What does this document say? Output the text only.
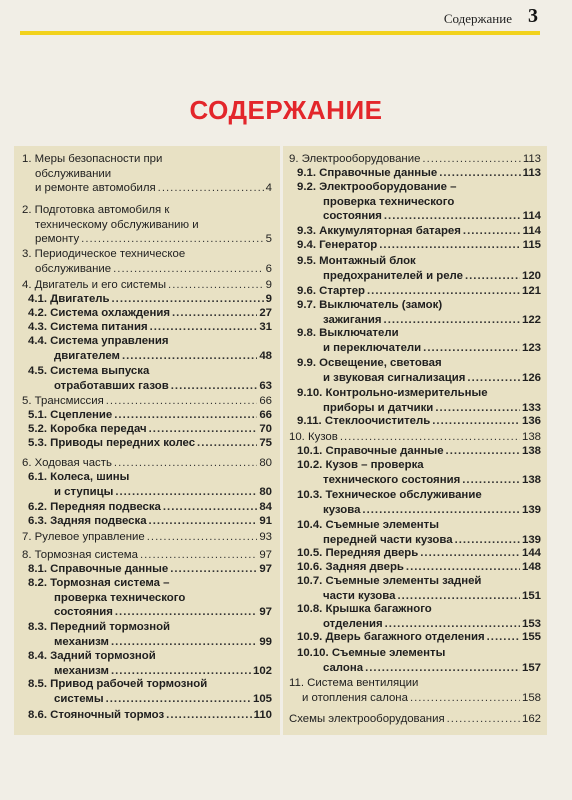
Содержание 3
СОДЕРЖАНИЕ
1. Меры безопасности при
обслуживании
и ремонте автомобиля .....	4
2. Подготовка автомобиля к
техническому обслуживанию и
ремонту .....	5
3. Периодическое техническое
обслуживание .....	6
4. Двигатель и его системы .....	9
4.1. Двигатель .....	9
4.2. Система охлаждения .....	27
4.3. Система питания .....	31
4.4. Система управления
двигателем .....	48
4.5. Система выпуска
отработавших газов .....	63
5. Трансмиссия .....	66
5.1. Сцепление .....	66
5.2. Коробка передач .....	70
5.3. Приводы передних колес .....	75
6. Ходовая часть .....	80
6.1. Колеса, шины
и ступицы .....	80
6.2. Передняя подвеска .....	84
6.3. Задняя подвеска .....	91
7. Рулевое управление .....	93
8. Тормозная система .....	97
8.1. Справочные данные .....	97
8.2. Тормозная система –
проверка технического
состояния .....	97
8.3. Передний тормозной
механизм .....	99
8.4. Задний тормозной
механизм .....	102
8.5. Привод рабочей тормозной
системы .....	105
8.6. Стояночный тормоз .....	110
9. Электрооборудование .....	113
9.1. Справочные данные .....	113
9.2. Электрооборудование –
проверка технического
состояния .....	114
9.3. Аккумуляторная батарея .....	114
9.4. Генератор .....	115
9.5. Монтажный блок
предохранителей и реле .....	120
9.6. Стартер .....	121
9.7. Выключатель (замок)
зажигания .....	122
9.8. Выключатели
и переключатели .....	123
9.9. Освещение, световая
и звуковая сигнализация .....	126
9.10. Контрольно-измерительные
приборы и датчики .....	133
9.11. Стеклоочиститель .....	136
10. Кузов .....	138
10.1. Справочные данные .....	138
10.2. Кузов – проверка
технического состояния .....	138
10.3. Техническое обслуживание
кузова .....	139
10.4. Съемные элементы
передней части кузова .....	139
10.5. Передняя дверь .....	144
10.6. Задняя дверь .....	148
10.7. Съемные элементы задней
части кузова .....	151
10.8. Крышка багажного
отделения .....	153
10.9. Дверь багажного отделения .....	155
10.10. Съемные элементы
салона .....	157
11. Система вентиляции
и отопления салона .....	158
Схемы электрооборудования .....	162
